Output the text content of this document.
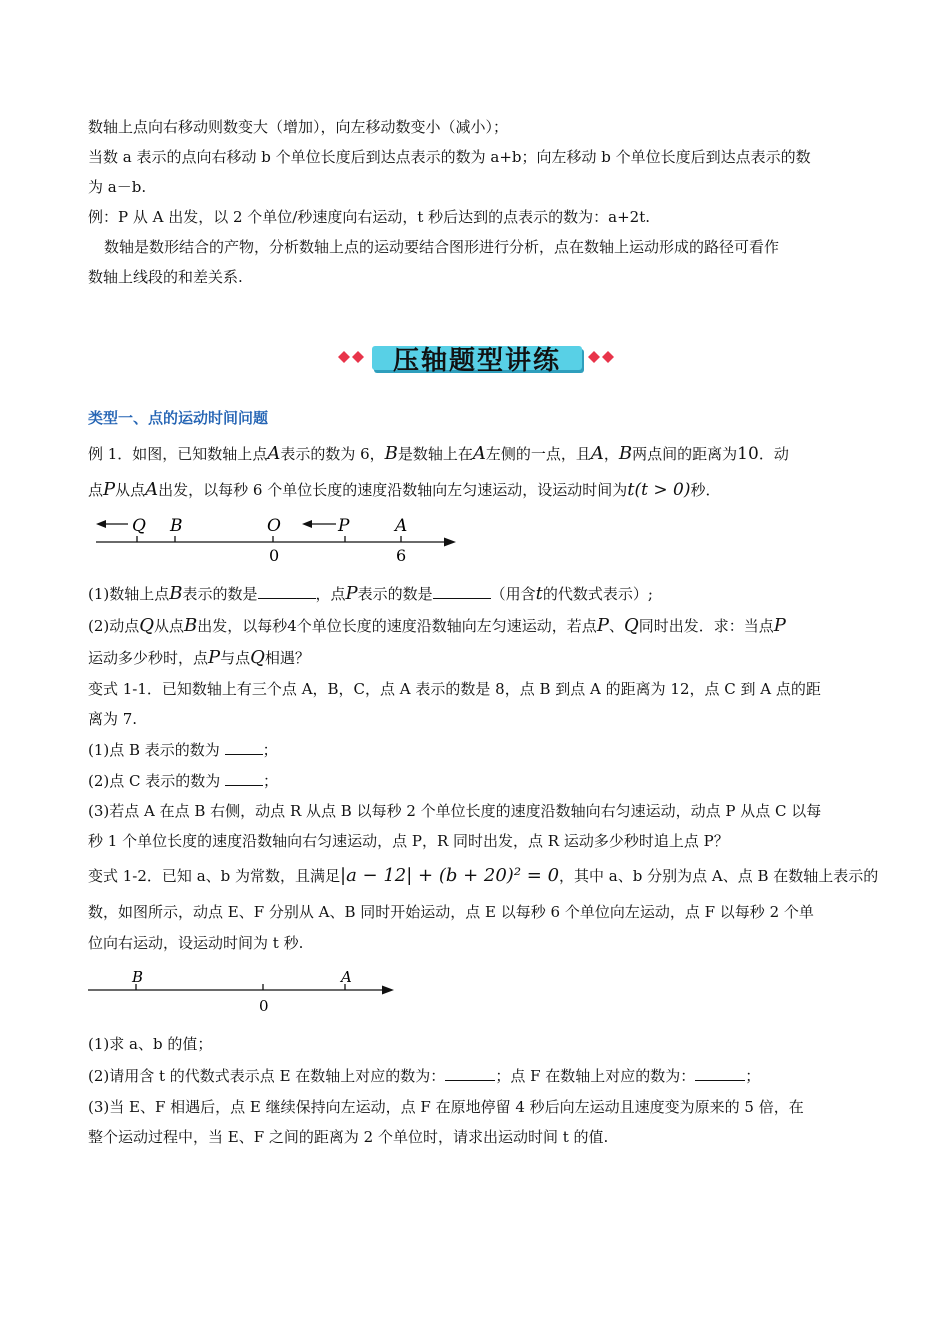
数轴上点向右移动则数变大（增加），向左移动数变小（减小）；
当数 a 表示的点向右移动 b 个单位长度后到达点表示的数为 a+b；向左移动 b 个单位长度后到达点表示的数
为 a－b.
例：P 从 A 出发，以 2 个单位/秒速度向右运动，t 秒后达到的点表示的数为：a+2t.
数轴是数形结合的产物，分析数轴上点的运动要结合图形进行分析，点在数轴上运动形成的路径可看作
数轴上线段的和差关系.
压轴题型讲练
类型一、点的运动时间问题
例 1．如图，已知数轴上点A表示的数为 6，B是数轴上在A左侧的一点，且A，B两点间的距离为10．动
点P从点A出发，以每秒 6 个单位长度的速度沿数轴向左匀速运动，设运动时间为t(t > 0)秒．
Q B	O	P	A
0	6
(1)数轴上点B表示的数是	，点P表示的数是	（用含t的代数式表示）;
(2)动点Q从点B出发，以每秒4个单位长度的速度沿数轴向左匀速运动，若点P、Q同时出发．求：当点P
运动多少秒时，点P与点Q相遇？
变式 1-1．已知数轴上有三个点 A，B，C，点 A 表示的数是 8，点 B 到点 A 的距离为 12，点 C 到 A 点的距
离为 7.
(1)点 B 表示的数为	；
(2)点 C 表示的数为	；
(3)若点 A 在点 B 右侧，动点 R 从点 B 以每秒 2 个单位长度的速度沿数轴向右匀速运动，动点 P 从点 C 以每
秒 1 个单位长度的速度沿数轴向右匀速运动，点 P，R 同时出发，点 R 运动多少秒时追上点 P？
变式 1-2．已知 a、b 为常数，且满足|a − 12| + (b + 20)² = 0，其中 a、b 分别为点 A、点 B 在数轴上表示的
数，如图所示，动点 E、F 分别从 A、B 同时开始运动，点 E 以每秒 6 个单位向左运动，点 F 以每秒 2 个单
位向右运动，设运动时间为 t 秒.
B	A
0
(1)求 a、b 的值；
(2)请用含 t 的代数式表示点 E 在数轴上对应的数为：	；点 F 在数轴上对应的数为：	；
(3)当 E、F 相遇后，点 E 继续保持向左运动，点 F 在原地停留 4 秒后向左运动且速度变为原来的 5 倍，在
整个运动过程中，当 E、F 之间的距离为 2 个单位时，请求出运动时间 t 的值.
